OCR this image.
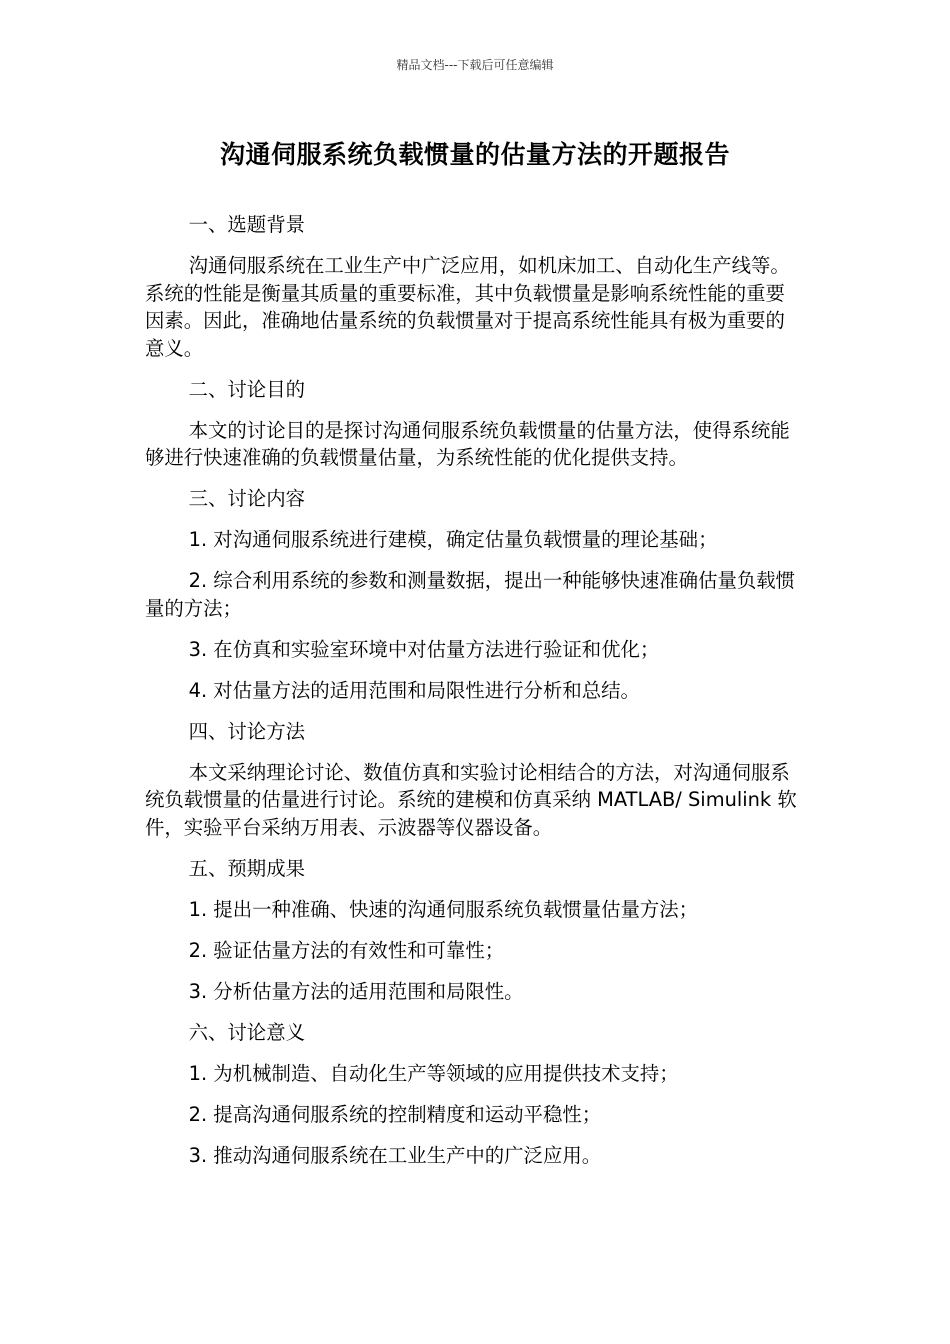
精品文档---下载后可任意编辑
沟通伺服系统负载惯量的估量方法的开题报告

一、选题背景

沟通伺服系统在工业生产中广泛应用，如机床加工、自动化生产线等。系统的性能是衡量其质量的重要标准，其中负载惯量是影响系统性能的重要因素。因此，准确地估量系统的负载惯量对于提高系统性能具有极为重要的意义。

二、讨论目的

本文的讨论目的是探讨沟通伺服系统负载惯量的估量方法，使得系统能够进行快速准确的负载惯量估量，为系统性能的优化提供支持。

三、讨论内容

1. 对沟通伺服系统进行建模，确定估量负载惯量的理论基础；

2. 综合利用系统的参数和测量数据，提出一种能够快速准确估量负载惯量的方法；

3. 在仿真和实验室环境中对估量方法进行验证和优化；

4. 对估量方法的适用范围和局限性进行分析和总结。

四、讨论方法

本文采纳理论讨论、数值仿真和实验讨论相结合的方法，对沟通伺服系统负载惯量的估量进行讨论。系统的建模和仿真采纳 MATLAB/ Simulink 软件，实验平台采纳万用表、示波器等仪器设备。

五、预期成果

1. 提出一种准确、快速的沟通伺服系统负载惯量估量方法；

2. 验证估量方法的有效性和可靠性；

3. 分析估量方法的适用范围和局限性。

六、讨论意义

1. 为机械制造、自动化生产等领域的应用提供技术支持；

2. 提高沟通伺服系统的控制精度和运动平稳性；

3. 推动沟通伺服系统在工业生产中的广泛应用。
